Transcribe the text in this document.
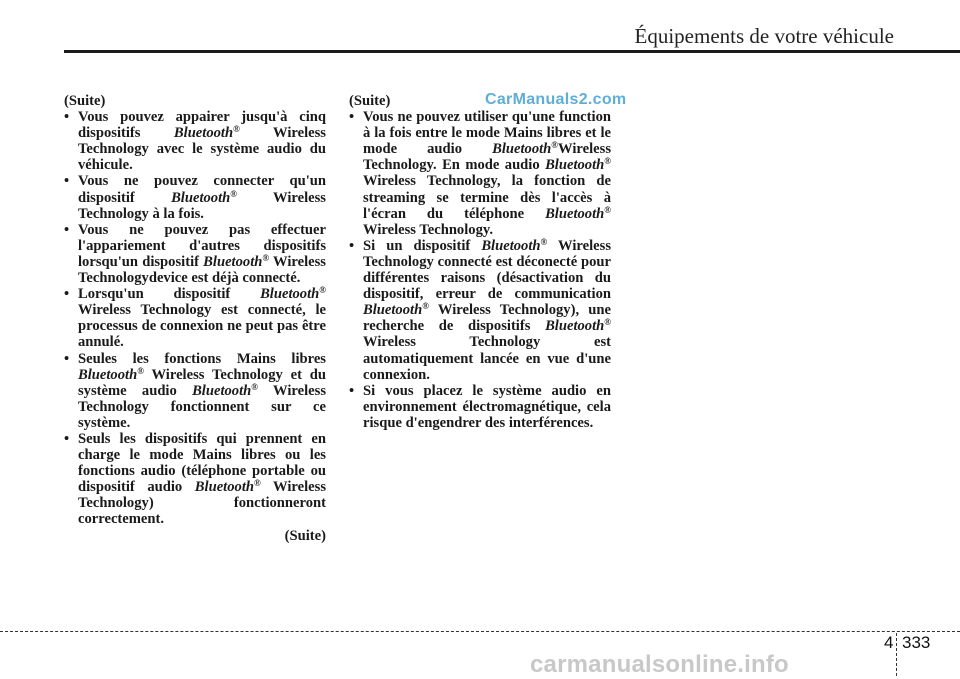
Équipements de votre véhicule
CarManuals2.com

(Suite)

• Vous pouvez appairer jusqu'à cinq dispositifs Bluetooth® Wireless Technology avec le système audio du véhicule.
• Vous ne pouvez connecter qu'un dispositif Bluetooth® Wireless Technology à la fois.
• Vous ne pouvez pas effectuer l'appariement d'autres dispositifs lorsqu'un dispositif Bluetooth® Wireless Technologydevice est déjà connecté.
• Lorsqu'un dispositif Bluetooth® Wireless Technology est connecté, le processus de connexion ne peut pas être annulé.
• Seules les fonctions Mains libres Bluetooth® Wireless Technology et du système audio Bluetooth® Wireless Technology fonctionnent sur ce système.
• Seuls les dispositifs qui prennent en charge le mode Mains libres ou les fonctions audio (téléphone portable ou dispositif audio Bluetooth® Wireless Technology) fonctionneront correctement.
(Suite)

(Suite)

• Vous ne pouvez utiliser qu'une function à la fois entre le mode Mains libres et le mode audio Bluetooth®Wireless Technology. En mode audio Bluetooth® Wireless Technology, la fonction de streaming se termine dès l'accès à l'écran du téléphone Bluetooth® Wireless Technology.
• Si un dispositif Bluetooth® Wireless Technology connecté est déconecté pour différentes raisons (désactivation du dispositif, erreur de communication Bluetooth® Wireless Technology), une recherche de dispositifs Bluetooth® Wireless Technology est automatiquement lancée en vue d'une connexion.
• Si vous placez le système audio en environnement électromagnétique, cela risque d'engendrer des interférences.
4 333
carmanualsonline.info
